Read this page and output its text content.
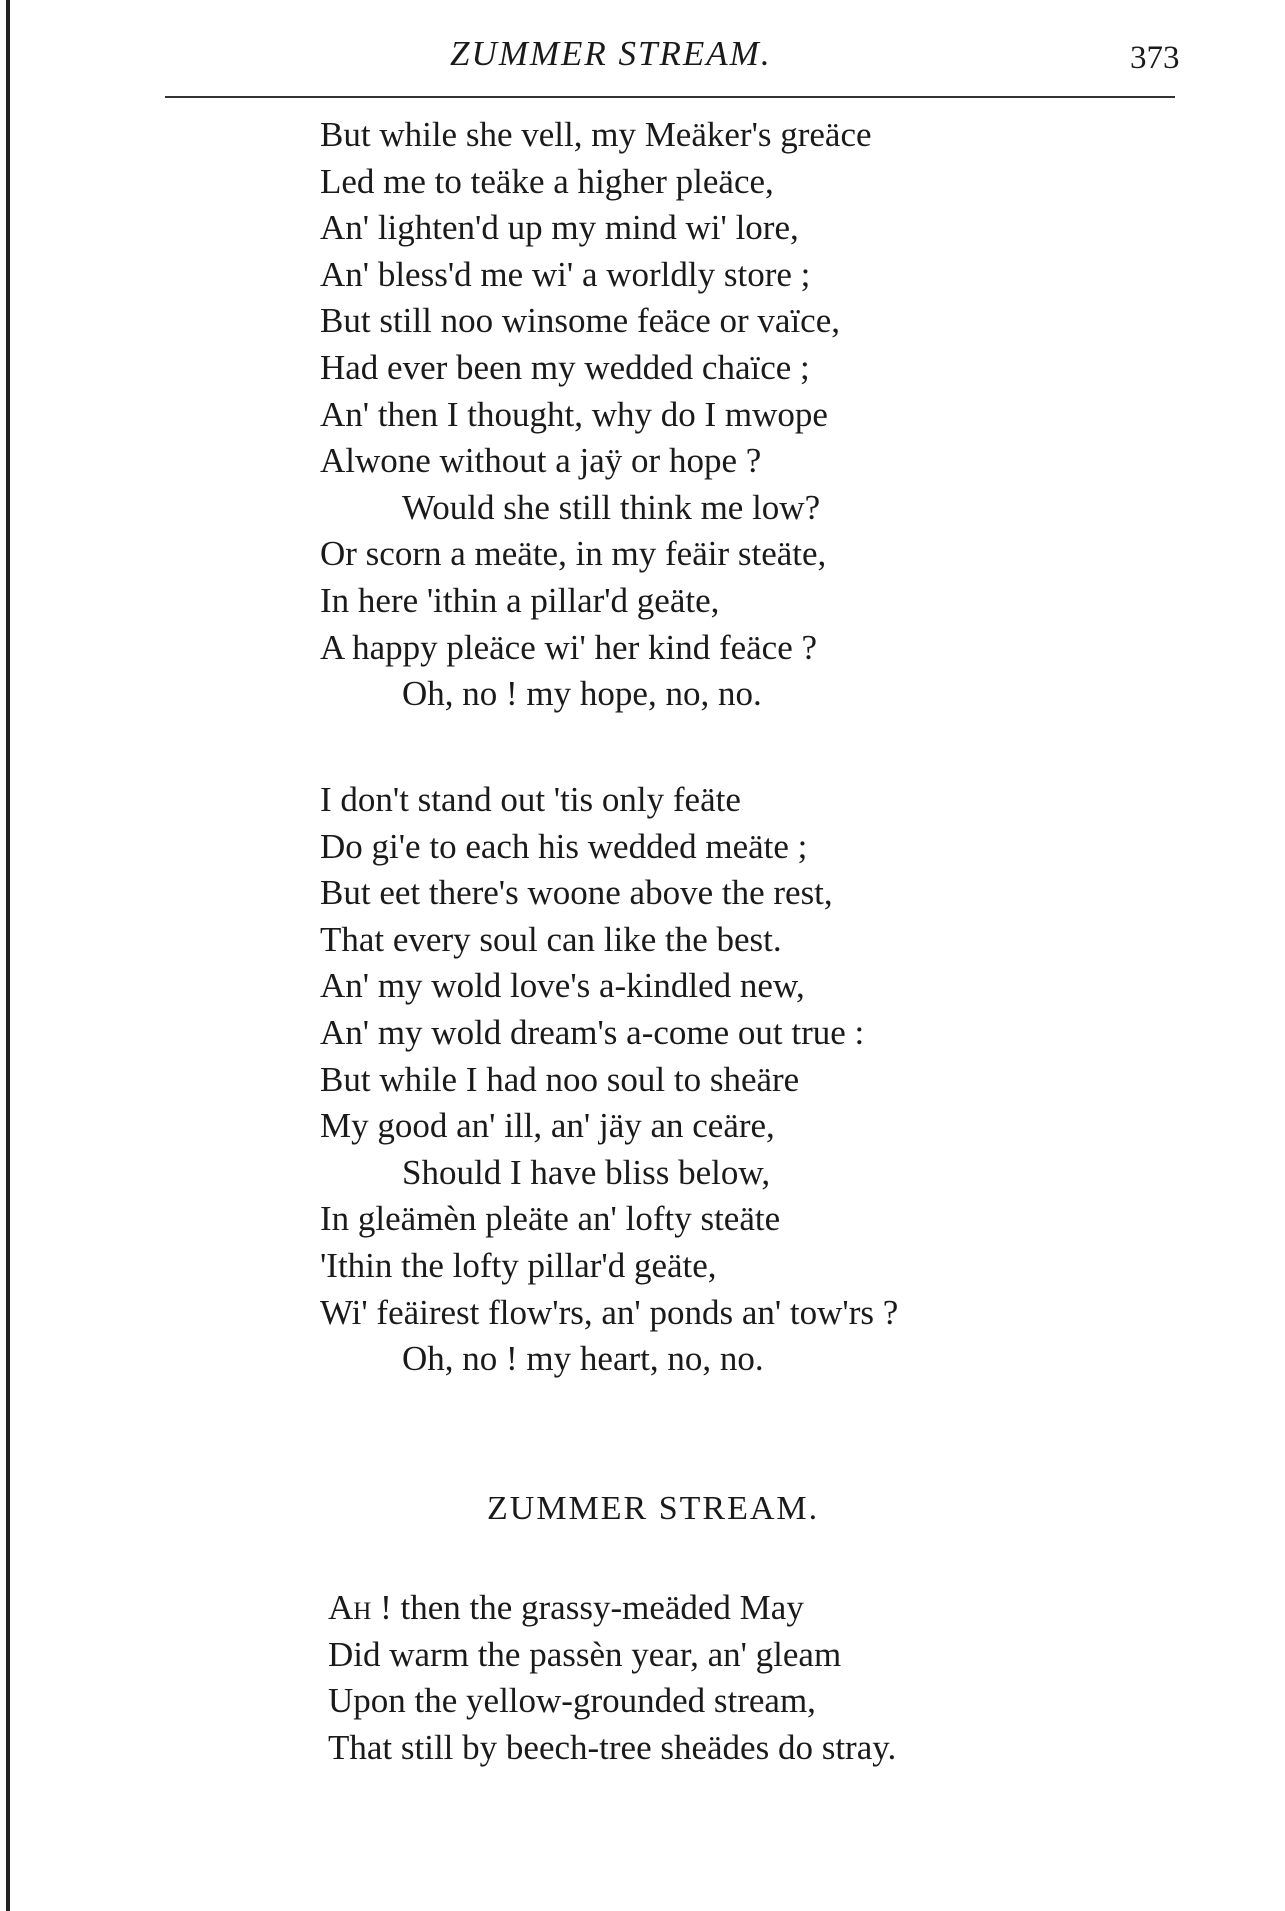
ZUMMER STREAM.	373
But while she vell, my Meäker's greäce
Led me to teäke a higher pleäce,
An' lighten'd up my mind wi' lore,
An' bless'd me wi' a worldly store ;
But still noo winsome feäce or vaïce,
Had ever been my wedded chaïce ;
An' then I thought, why do I mwope
Alwone without a jaÿ or hope ?
Would she still think me low?
Or scorn a meäte, in my feäir steäte,
In here 'ithin a pillar'd geäte,
A happy pleäce wi' her kind feäce ?
Oh, no ! my hope, no, no.
I don't stand out 'tis only feäte
Do gi'e to each his wedded meäte ;
But eet there's woone above the rest,
That every soul can like the best.
An' my wold love's a-kindled new,
An' my wold dream's a-come out true :
But while I had noo soul to sheäre
My good an' ill, an' jäy an ceäre,
Should I have bliss below,
In gleämèn pleäte an' lofty steäte
'Ithin the lofty pillar'd geäte,
Wi' feäirest flow'rs, an' ponds an' tow'rs ?
Oh, no ! my heart, no, no.
ZUMMER STREAM.
Ah ! then the grassy-meäded May
Did warm the passèn year, an' gleam
Upon the yellow-grounded stream,
That still by beech-tree sheädes do stray.
